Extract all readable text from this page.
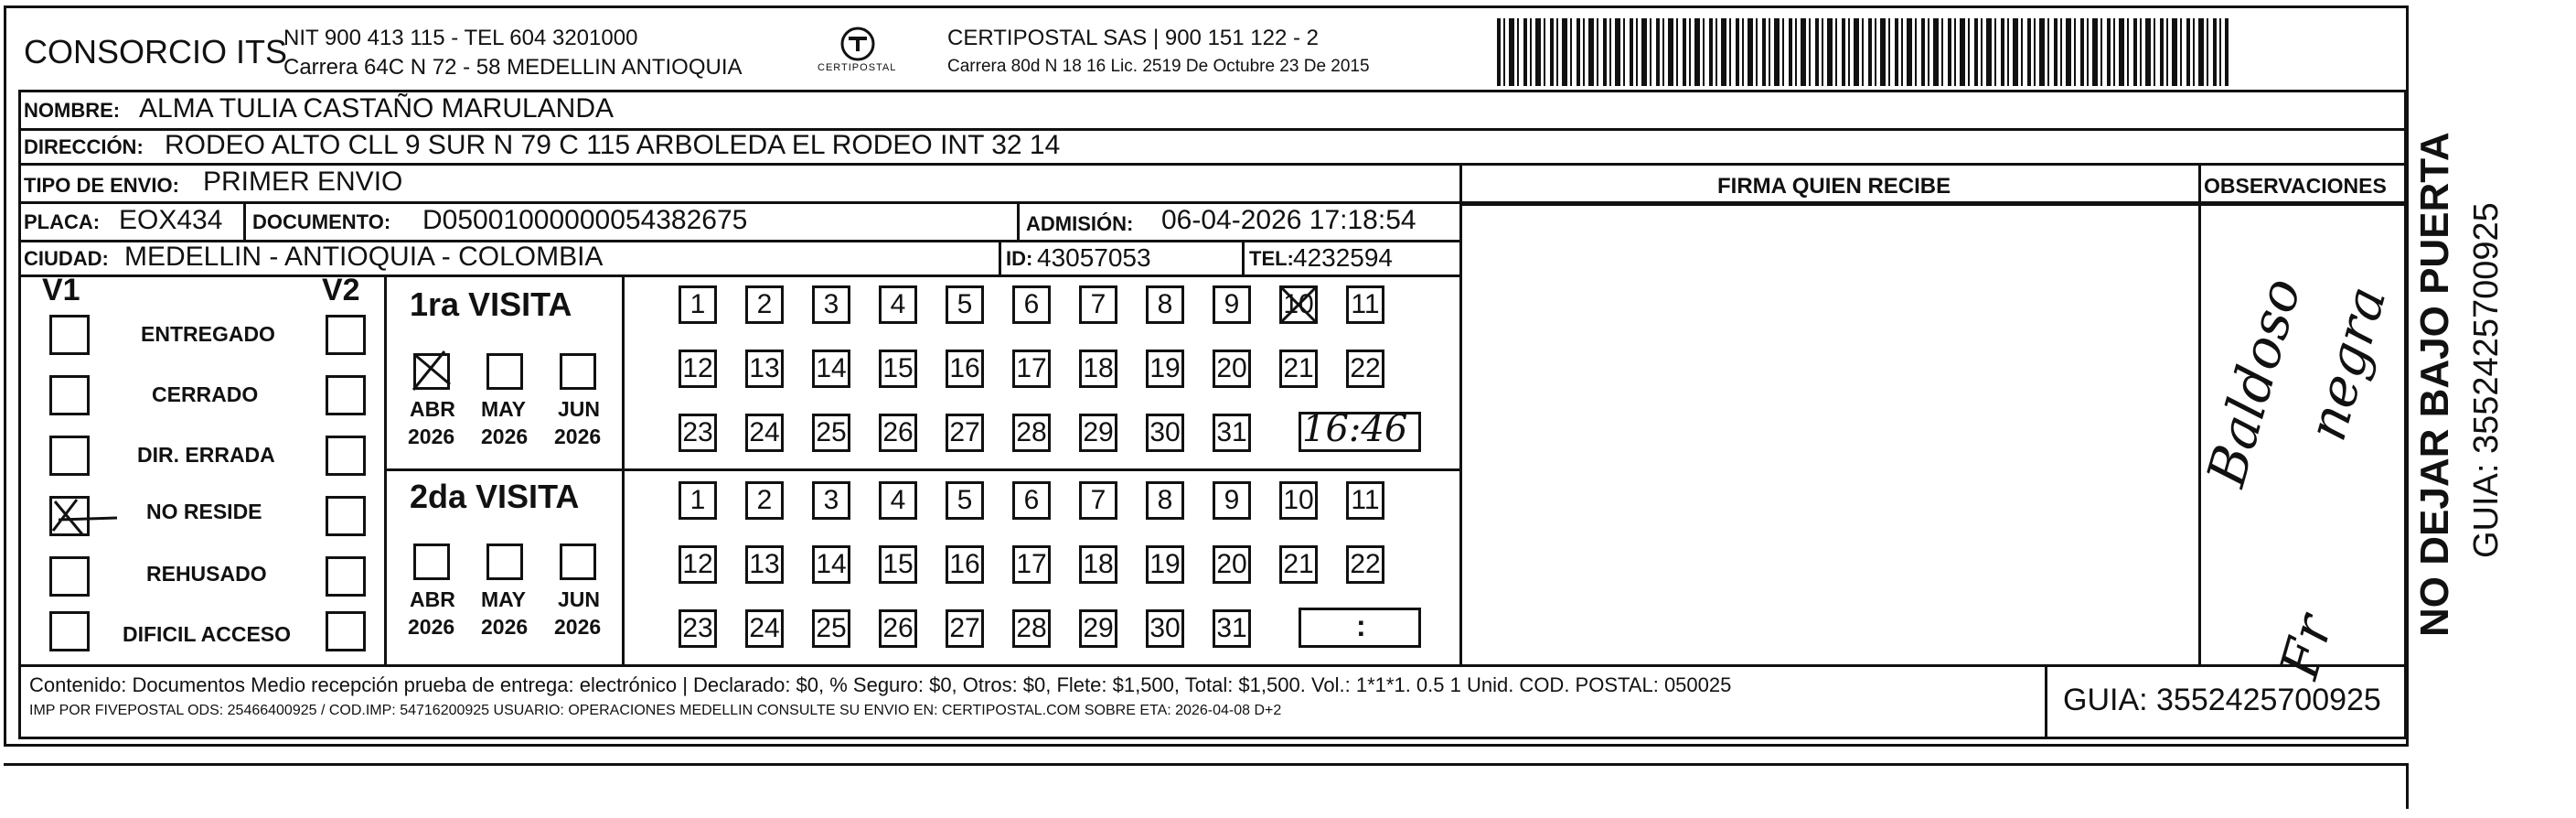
CONSORCIO ITS
NIT 900 413 115 - TEL 604 3201000
Carrera 64C N 72 - 58 MEDELLIN ANTIOQUIA	CERTIPOSTAL
CERTIPOSTAL SAS | 900 151 122 - 2
Carrera 80d N 18 16 Lic. 2519 De Octubre 23 De 2015
NOMBRE: ALMA TULIA CASTAÑO MARULANDA
DIRECCIÓN: RODEO ALTO CLL 9 SUR N 79 C 115 ARBOLEDA EL RODEO INT 32 14
TIPO DE ENVIO: PRIMER ENVIO
PLACA: EOX434 DOCUMENTO: D05001000000054382675	ADMISIÓN: 06-04-2026 17:18:54
CIUDAD: MEDELLIN - ANTIOQUIA - COLOMBIA	ID: 43057053	TEL: 4232594
FIRMA QUIEN RECIBE	OBSERVACIONES
Baldoso
negra
Fr
V1	V2
ENTREGADO
CERRADO
DIR. ERRADA
NO RESIDE
REHUSADO
DIFICIL ACCESO
1ra VISITA
2da VISITA
ABR MAY JUN
2026 2026 2026
ABR MAY JUN
2026 2026 2026
1	2	3	4	5	6	7	8	9	10 11
12 13 14 15 16 17 18 19 20 21 22
23 24 25 26 27 28 29 30 31
1	2	3	4	5	6	7	8	9	10 11
12 13 14 15 16 17 18 19 20 21 22
23 24 25 26 27 28 29 30 31
16:46
:
Contenido: Documentos Medio recepción prueba de entrega: electrónico | Declarado: $0, % Seguro: $0, Otros: $0, Flete: $1,500, Total: $1,500. Vol.: 1*1*1. 0.5 1 Unid. COD. POSTAL: 050025
IMP POR FIVEPOSTAL ODS: 25466400925 / COD.IMP: 54716200925 USUARIO: OPERACIONES MEDELLIN CONSULTE SU ENVIO EN: CERTIPOSTAL.COM SOBRE ETA: 2026-04-08 D+2	GUIA: 3552425700925
NO DEJAR BAJO PUERTA GUIA: 3552425700925
